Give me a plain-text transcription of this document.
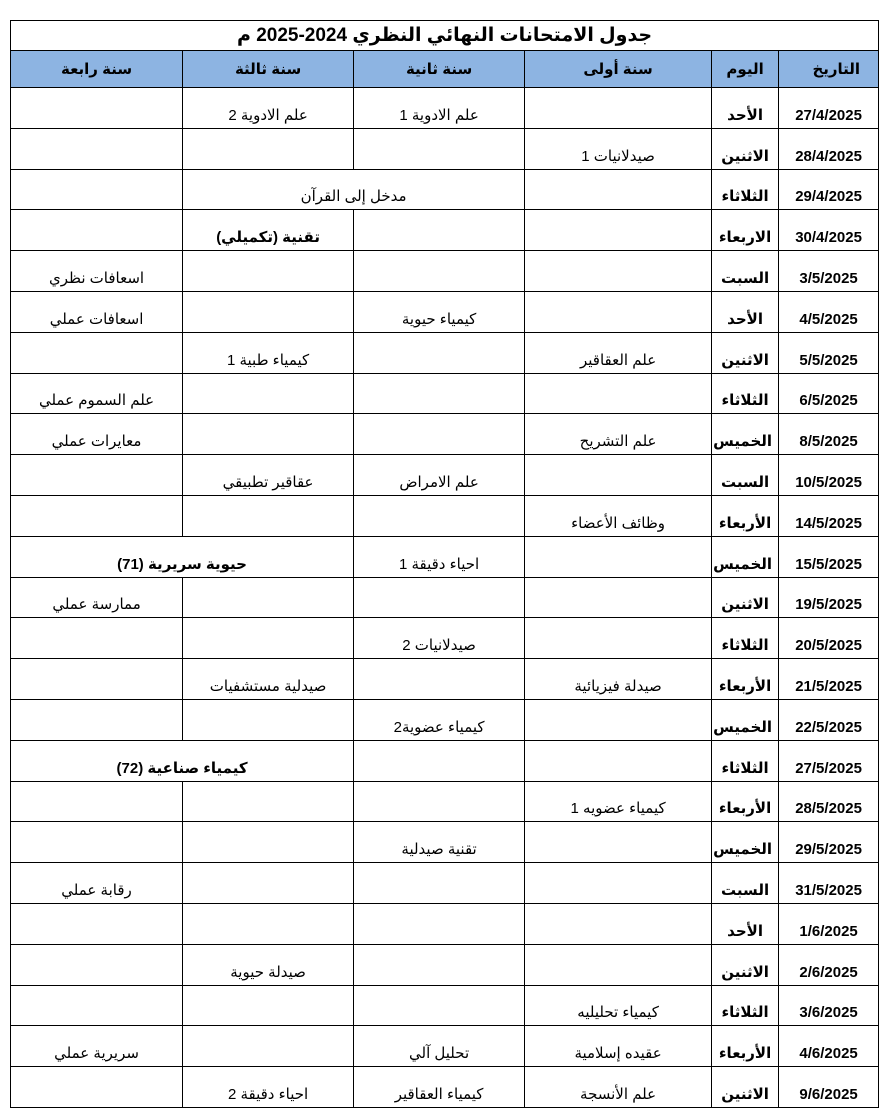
جدول الامتحانات النهائي النظري 2024-2025 م					
التاريخ	اليوم	سنة أولى	سنة ثانية	سنة ثالثة	سنة رابعة
27/4/2025	الأحد		علم الادوية 1	علم الادوية 2	
28/4/2025	الاثنين	صيدلانيات 1			
29/4/2025	الثلاثاء		مدخل إلى القرآن		
30/4/2025	الاربعاء			تقنية (تكميلي)	
3/5/2025	السبت				اسعافات نظري
4/5/2025	الأحد		كيمياء حيوية		اسعافات عملي
5/5/2025	الاثنين	علم العقاقير		كيمياء طبية 1	
6/5/2025	الثلاثاء				علم السموم عملي
8/5/2025	الخميس	علم التشريح			معايرات عملي
10/5/2025	السبت		علم الامراض	عقاقير تطبيقي	
14/5/2025	الأربعاء	وظائف الأعضاء			
15/5/2025	الخميس		احياء دقيقة 1	حيوية سريرية (71)	
19/5/2025	الاثنين				ممارسة عملي
20/5/2025	الثلاثاء		صيدلانيات 2		
21/5/2025	الأربعاء	صيدلة فيزيائية		صيدلية مستشفيات	
22/5/2025	الخميس		كيمياء عضوية2		
27/5/2025	الثلاثاء			كيمياء صناعية (72)	
28/5/2025	الأربعاء	كيمياء عضويه 1			
29/5/2025	الخميس		تقنية صيدلية		
31/5/2025	السبت				رقابة عملي
1/6/2025	الأحد				
2/6/2025	الاثنين			صيدلة حيوية	
3/6/2025	الثلاثاء	كيمياء تحليليه			
4/6/2025	الأربعاء	عقيده إسلامية	تحليل آلي		سريرية عملي
9/6/2025	الاثنين	علم الأنسجة	كيمياء العقاقير	احياء دقيقة 2	
